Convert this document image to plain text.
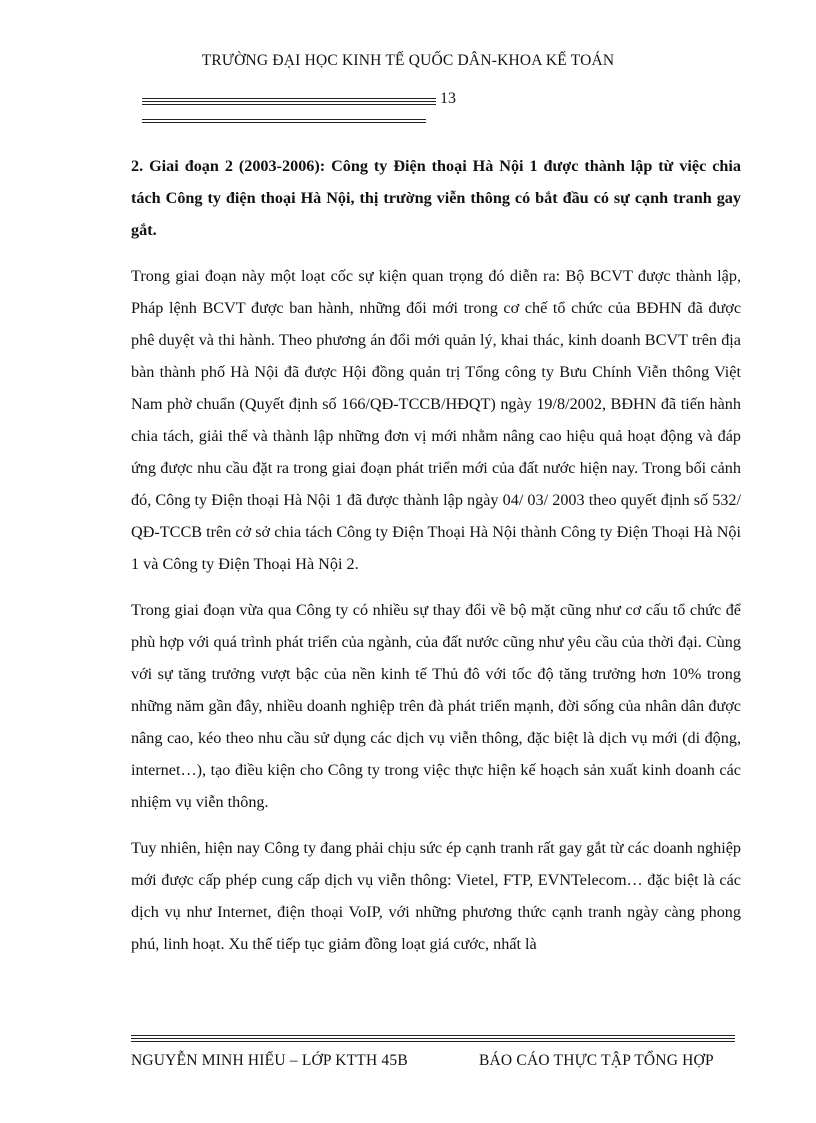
TRƯỜNG ĐẠI HỌC KINH TẾ QUỐC DÂN-KHOA KẾ TOÁN
13

2. Giai đoạn 2 (2003-2006): Công ty Điện thoại Hà Nội 1 được thành lập từ việc chia tách Công ty điện thoại Hà Nội, thị trường viễn thông có bắt đầu có sự cạnh tranh gay gắt.

Trong giai đoạn này một loạt cốc sự kiện quan trọng đó diễn ra: Bộ BCVT được thành lập, Pháp lệnh BCVT được ban hành, những đổi mới trong cơ chế tổ chức của BĐHN đã được phê duyệt và thi hành. Theo phương án đổi mới quản lý, khai thác, kinh doanh BCVT trên địa bàn thành phố Hà Nội đã được Hội đồng quản trị Tổng công ty Bưu Chính Viễn thông Việt Nam phờ chuẩn (Quyết định số 166/QĐ-TCCB/HĐQT) ngày 19/8/2002, BĐHN đã tiến hành chia tách, giải thể và thành lập những đơn vị mới nhằm nâng cao hiệu quả hoạt động và đáp ứng được nhu cầu đặt ra trong giai đoạn phát triển mới của đất nước hiện nay. Trong bối cảnh đó, Công ty Điện thoại Hà Nội 1 đã được thành lập ngày 04/ 03/ 2003 theo quyết định số 532/ QĐ-TCCB trên cở sở chia tách Công ty Điện Thoại Hà Nội thành Công ty Điện Thoại Hà Nội 1 và Công ty Điện Thoại Hà Nội 2.

Trong giai đoạn vừa qua Công ty có nhiều sự thay đổi về bộ mặt cũng như cơ cấu tổ chức để phù hợp với quá trình phát triển của ngành, của đất nước cũng như yêu cầu của thời đại. Cùng với sự tăng trưởng vượt bậc của nền kinh tế Thủ đô với tốc độ tăng trưởng hơn 10% trong những năm gần đây, nhiều doanh nghiệp trên đà phát triển mạnh, đời sống của nhân dân được nâng cao, kéo theo nhu cầu sử dụng các dịch vụ viễn thông, đặc biệt là dịch vụ mới (di động, internet…), tạo điều kiện cho Công ty trong việc thực hiện kế hoạch sản xuất kinh doanh các nhiệm vụ viễn thông.

Tuy nhiên, hiện nay Công ty đang phải chịu sức ép cạnh tranh rất gay gắt từ các doanh nghiệp mới được cấp phép cung cấp dịch vụ viễn thông: Vietel, FTP, EVNTelecom… đặc biệt là các dịch vụ như Internet, điện thoại VoIP, với những phương thức cạnh tranh ngày càng phong phú, linh hoạt. Xu thế tiếp tục giảm đồng loạt giá cước, nhất là

NGUYỄN MINH HIẾU – LỚP KTTH 45B	BÁO CÁO THỰC TẬP TỔNG HỢP
